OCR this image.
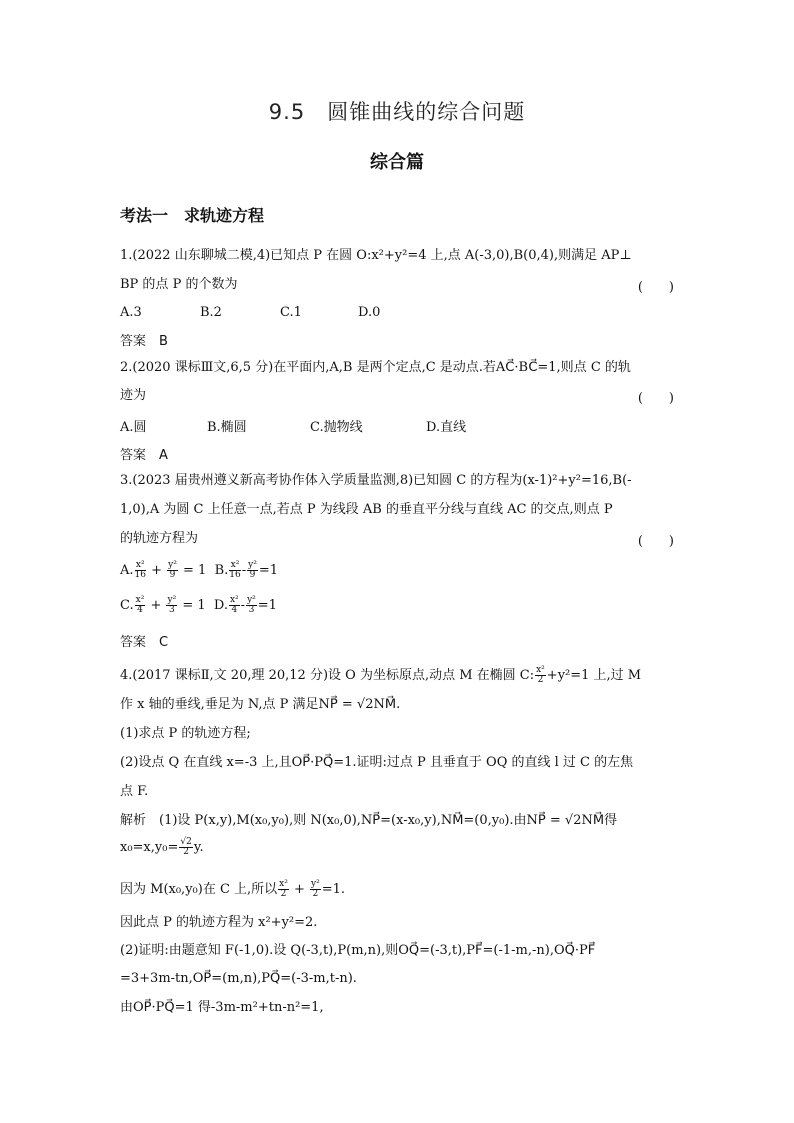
9.5　圆锥曲线的综合问题
综合篇
考法一　求轨迹方程
1.(2022 山东聊城二模,4)已知点 P 在圆 O:x²+y²=4 上,点 A(-3,0),B(0,4),则满足 AP⊥
BP 的点 P 的个数为	(　　)
A.3	B.2	C.1	D.0
答案　B
2.(2020 课标Ⅲ文,6,5 分)在平面内,A,B 是两个定点,C 是动点.若AC⃗·BC⃗=1,则点 C 的轨
迹为	(　　)
A.圆	B.椭圆	C.抛物线	D.直线
答案　A
3.(2023 届贵州遵义新高考协作体入学质量监测,8)已知圆 C 的方程为(x-1)²+y²=16,B(-
1,0),A 为圆 C 上任意一点,若点 P 为线段 AB 的垂直平分线与直线 AC 的交点,则点 P
的轨迹方程为	(　　)
A. $\frac{\text{x²}}{16} + \frac{\text{y²}}{9} = 1$  B. $\frac{\text{x²}}{16} - \frac{\text{y²}}{9} =1$
C. $\frac{\text{x²}}{4} + \frac{\text{y²}}{3} = 1$  D. $\frac{\text{x²}}{4} - \frac{\text{y²}}{3} =1$
答案　C
4.(2017 课标Ⅱ,文 20,理 20,12 分)设 O 为坐标原点,动点 M 在椭圆 C: $\frac{\text{x²}}{2} +y^2=1$ 上,过 M
作 x 轴的垂线,垂足为 N,点 P 满足NP⃗ = √2NM⃗.
(1)求点 P 的轨迹方程;
(2)设点 Q 在直线 x=-3 上,且OP⃗·PQ⃗=1.证明:过点 P 且垂直于 OQ 的直线 l 过 C 的左焦
点 F.
解析　(1)设 P(x,y),M(x₀,y₀),则 N(x₀,0),NP⃗=(x-x₀,y),NM⃗=(0,y₀).由NP⃗ = √2NM⃗得
$x_0=x,y_0= \frac{√2}{2} y$.
因为 M(x₀,y₀)在 C 上,所以 $\frac{\text{x²}}{2} + \frac{\text{y²}}{2} =1$.
因此点 P 的轨迹方程为 x²+y²=2.
(2)证明:由题意知 F(-1,0).设 Q(-3,t),P(m,n),则OQ⃗=(-3,t),PF⃗=(-1-m,-n),OQ⃗·PF⃗
=3+3m-tn,OP⃗=(m,n),PQ⃗=(-3-m,t-n).
由OP⃗·PQ⃗=1 得-3m-m²+tn-n²=1,
